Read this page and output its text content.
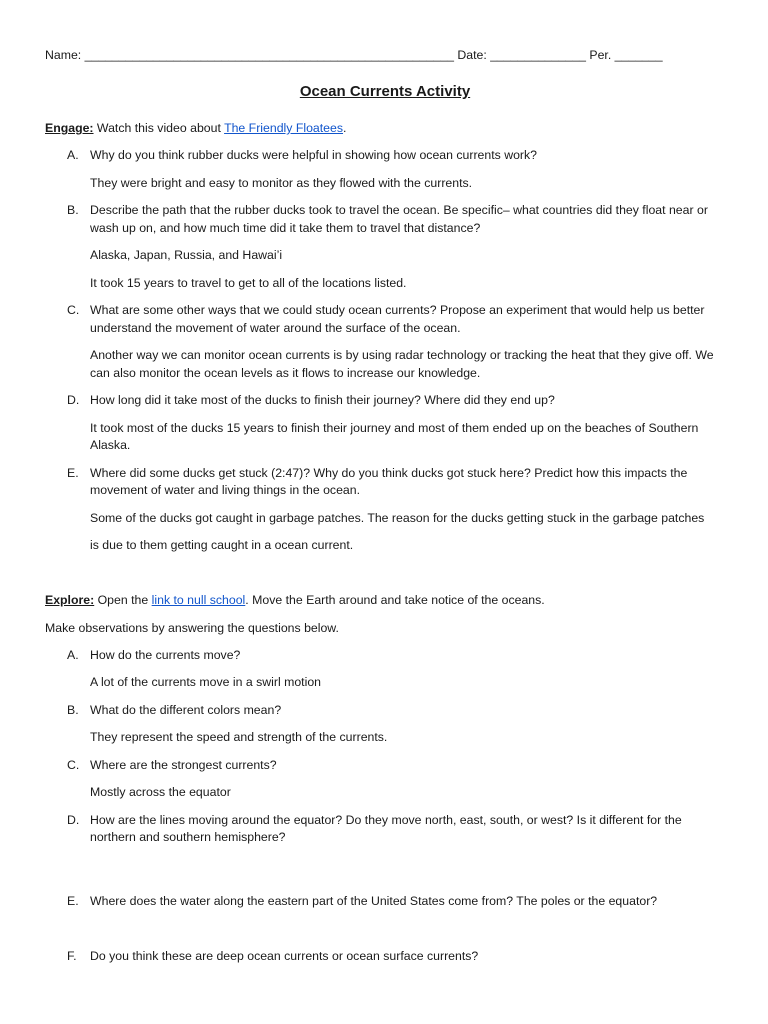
Name: ______________________________________________________ Date: ______________ Per. _______
Ocean Currents Activity
Engage: Watch this video about The Friendly Floatees.
A. Why do you think rubber ducks were helpful in showing how ocean currents work?
They were bright and easy to monitor as they flowed with the currents.
B. Describe the path that the rubber ducks took to travel the ocean. Be specific– what countries did they float near or wash up on, and how much time did it take them to travel that distance?
Alaska, Japan, Russia, and Hawai’i
It took 15 years to travel to get to all of the locations listed.
C. What are some other ways that we could study ocean currents? Propose an experiment that would help us better understand the movement of water around the surface of the ocean.
Another way we can monitor ocean currents is by using radar technology or tracking the heat that they give off. We can also monitor the ocean levels as it flows to increase our knowledge.
D. How long did it take most of the ducks to finish their journey? Where did they end up?
It took most of the ducks 15 years to finish their journey and most of them ended up on the beaches of Southern Alaska.
E. Where did some ducks get stuck (2:47)? Why do you think ducks got stuck here? Predict how this impacts the movement of water and living things in the ocean.
Some of the ducks got caught in garbage patches. The reason for the ducks getting stuck in the garbage patches
is due to them getting caught in a ocean current.
Explore: Open the link to null school. Move the Earth around and take notice of the oceans.
Make observations by answering the questions below.
A. How do the currents move?
A lot of the currents move in a swirl motion
B. What do the different colors mean?
They represent the speed and strength of the currents.
C. Where are the strongest currents?
Mostly across the equator
D. How are the lines moving around the equator? Do they move north, east, south, or west? Is it different for the northern and southern hemisphere?
E. Where does the water along the eastern part of the United States come from? The poles or the equator?
F. Do you think these are deep ocean currents or ocean surface currents?
